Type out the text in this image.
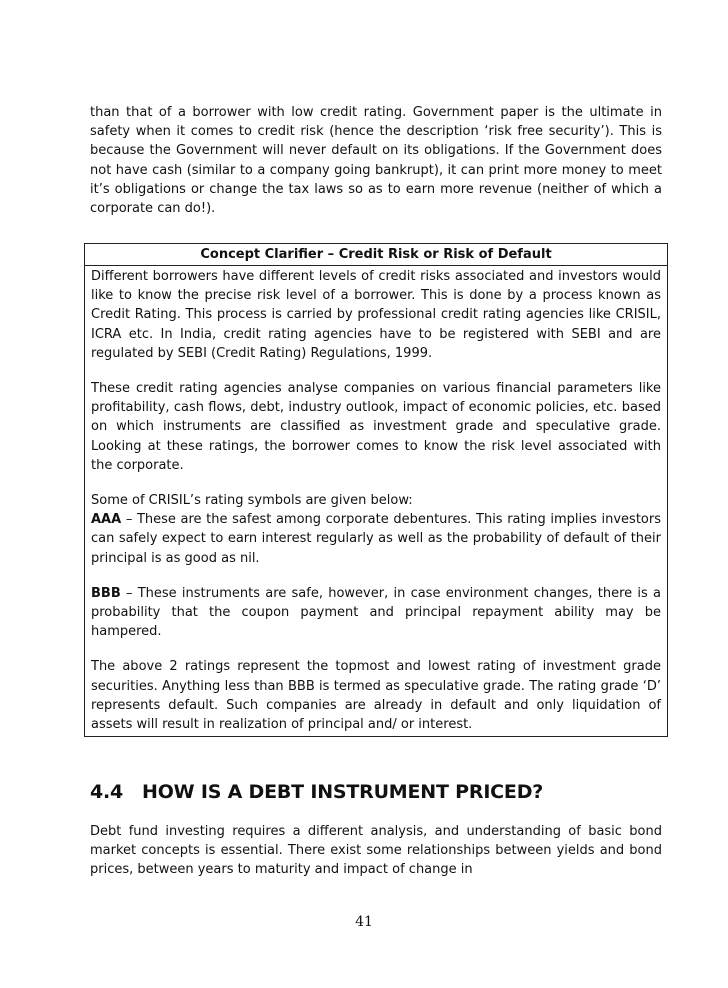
than that of a borrower with low credit rating. Government paper is the ultimate in safety when it comes to credit risk (hence the description ‘risk free security’). This is because the Government will never default on its obligations. If the Government does not have cash (similar to a company going bankrupt), it can print more money to meet it’s obligations or change the tax laws so as to earn more revenue (neither of which a corporate can do!).

Concept Clarifier – Credit Risk or Risk of Default

Different borrowers have different levels of credit risks associated and investors would like to know the precise risk level of a borrower. This is done by a process known as Credit Rating. This process is carried by professional credit rating agencies like CRISIL, ICRA etc. In India, credit rating agencies have to be registered with SEBI and are regulated by SEBI (Credit Rating) Regulations, 1999.

These credit rating agencies analyse companies on various financial parameters like profitability, cash flows, debt, industry outlook, impact of economic policies, etc. based on which instruments are classified as investment grade and speculative grade. Looking at these ratings, the borrower comes to know the risk level associated with the corporate.

Some of CRISIL’s rating symbols are given below:

AAA – These are the safest among corporate debentures. This rating implies investors can safely expect to earn interest regularly as well as the probability of default of their principal is as good as nil.

BBB – These instruments are safe, however, in case environment changes, there is a probability that the coupon payment and principal repayment ability may be hampered.

The above 2 ratings represent the topmost and lowest rating of investment grade securities. Anything less than BBB is termed as speculative grade. The rating grade ‘D’ represents default. Such companies are already in default and only liquidation of assets will result in realization of principal and/ or interest.

4.4 HOW IS A DEBT INSTRUMENT PRICED?

Debt fund investing requires a different analysis, and understanding of basic bond market concepts is essential. There exist some relationships between yields and bond prices, between years to maturity and impact of change in

41
